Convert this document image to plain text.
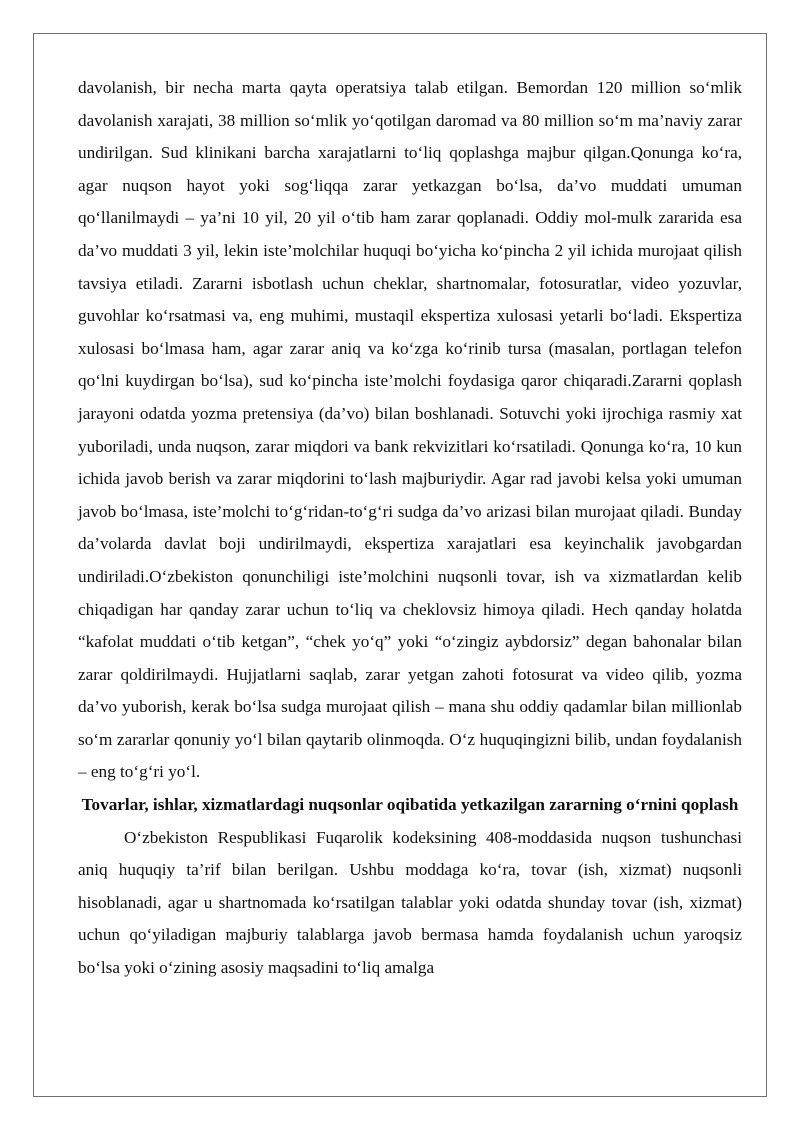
davolanish, bir necha marta qayta operatsiya talab etilgan. Bemordan 120 million so‘mlik davolanish xarajati, 38 million so‘mlik yo‘qotilgan daromad va 80 million so‘m ma’naviy zarar undirilgan. Sud klinikani barcha xarajatlarni to‘liq qoplashga majbur qilgan.Qonunga ko‘ra, agar nuqson hayot yoki sog‘liqqa zarar yetkazgan bo‘lsa, da’vo muddati umuman qo‘llanilmaydi – ya’ni 10 yil, 20 yil o‘tib ham zarar qoplanadi. Oddiy mol-mulk zararida esa da’vo muddati 3 yil, lekin iste’molchilar huquqi bo‘yicha ko‘pincha 2 yil ichida murojaat qilish tavsiya etiladi. Zararni isbotlash uchun cheklar, shartnomalar, fotosuratlar, video yozuvlar, guvohlar ko‘rsatmasi va, eng muhimi, mustaqil ekspertiza xulosasi yetarli bo‘ladi. Ekspertiza xulosasi bo‘lmasa ham, agar zarar aniq va ko‘zga ko‘rinib tursa (masalan, portlagan telefon qo‘lni kuydirgan bo‘lsa), sud ko‘pincha iste’molchi foydasiga qaror chiqaradi.Zararni qoplash jarayoni odatda yozma pretensiya (da’vo) bilan boshlanadi. Sotuvchi yoki ijrochiga rasmiy xat yuboriladi, unda nuqson, zarar miqdori va bank rekvizitlari ko‘rsatiladi. Qonunga ko‘ra, 10 kun ichida javob berish va zarar miqdorini to‘lash majburiydir. Agar rad javobi kelsa yoki umuman javob bo‘lmasa, iste’molchi to‘g‘ridan-to‘g‘ri sudga da’vo arizasi bilan murojaat qiladi. Bunday da’volarda davlat boji undirilmaydi, ekspertiza xarajatlari esa keyinchalik javobgardan undiriladi.O‘zbekiston qonunchiligi iste’molchini nuqsonli tovar, ish va xizmatlardan kelib chiqadigan har qanday zarar uchun to‘liq va cheklovsiz himoya qiladi. Hech qanday holatda “kafolat muddati o‘tib ketgan”, “chek yo‘q” yoki “o‘zingiz aybdorsiz” degan bahonalar bilan zarar qoldirilmaydi. Hujjatlarni saqlab, zarar yetgan zahoti fotosurat va video qilib, yozma da’vo yuborish, kerak bo‘lsa sudga murojaat qilish – mana shu oddiy qadamlar bilan millionlab so‘m zararlar qonuniy yo‘l bilan qaytarib olinmoqda. O‘z huquqingizni bilib, undan foydalanish – eng to‘g‘ri yo‘l.

Tovarlar, ishlar, xizmatlardagi nuqsonlar oqibatida yetkazilgan zararning o‘rnini qoplash

O‘zbekiston Respublikasi Fuqarolik kodeksining 408-moddasida nuqson tushunchasi aniq huquqiy ta’rif bilan berilgan. Ushbu moddaga ko‘ra, tovar (ish, xizmat) nuqsonli hisoblanadi, agar u shartnomada ko‘rsatilgan talablar yoki odatda shunday tovar (ish, xizmat) uchun qo‘yiladigan majburiy talablarga javob bermasa hamda foydalanish uchun yaroqsiz bo‘lsa yoki o‘zining asosiy maqsadini to‘liq amalga
